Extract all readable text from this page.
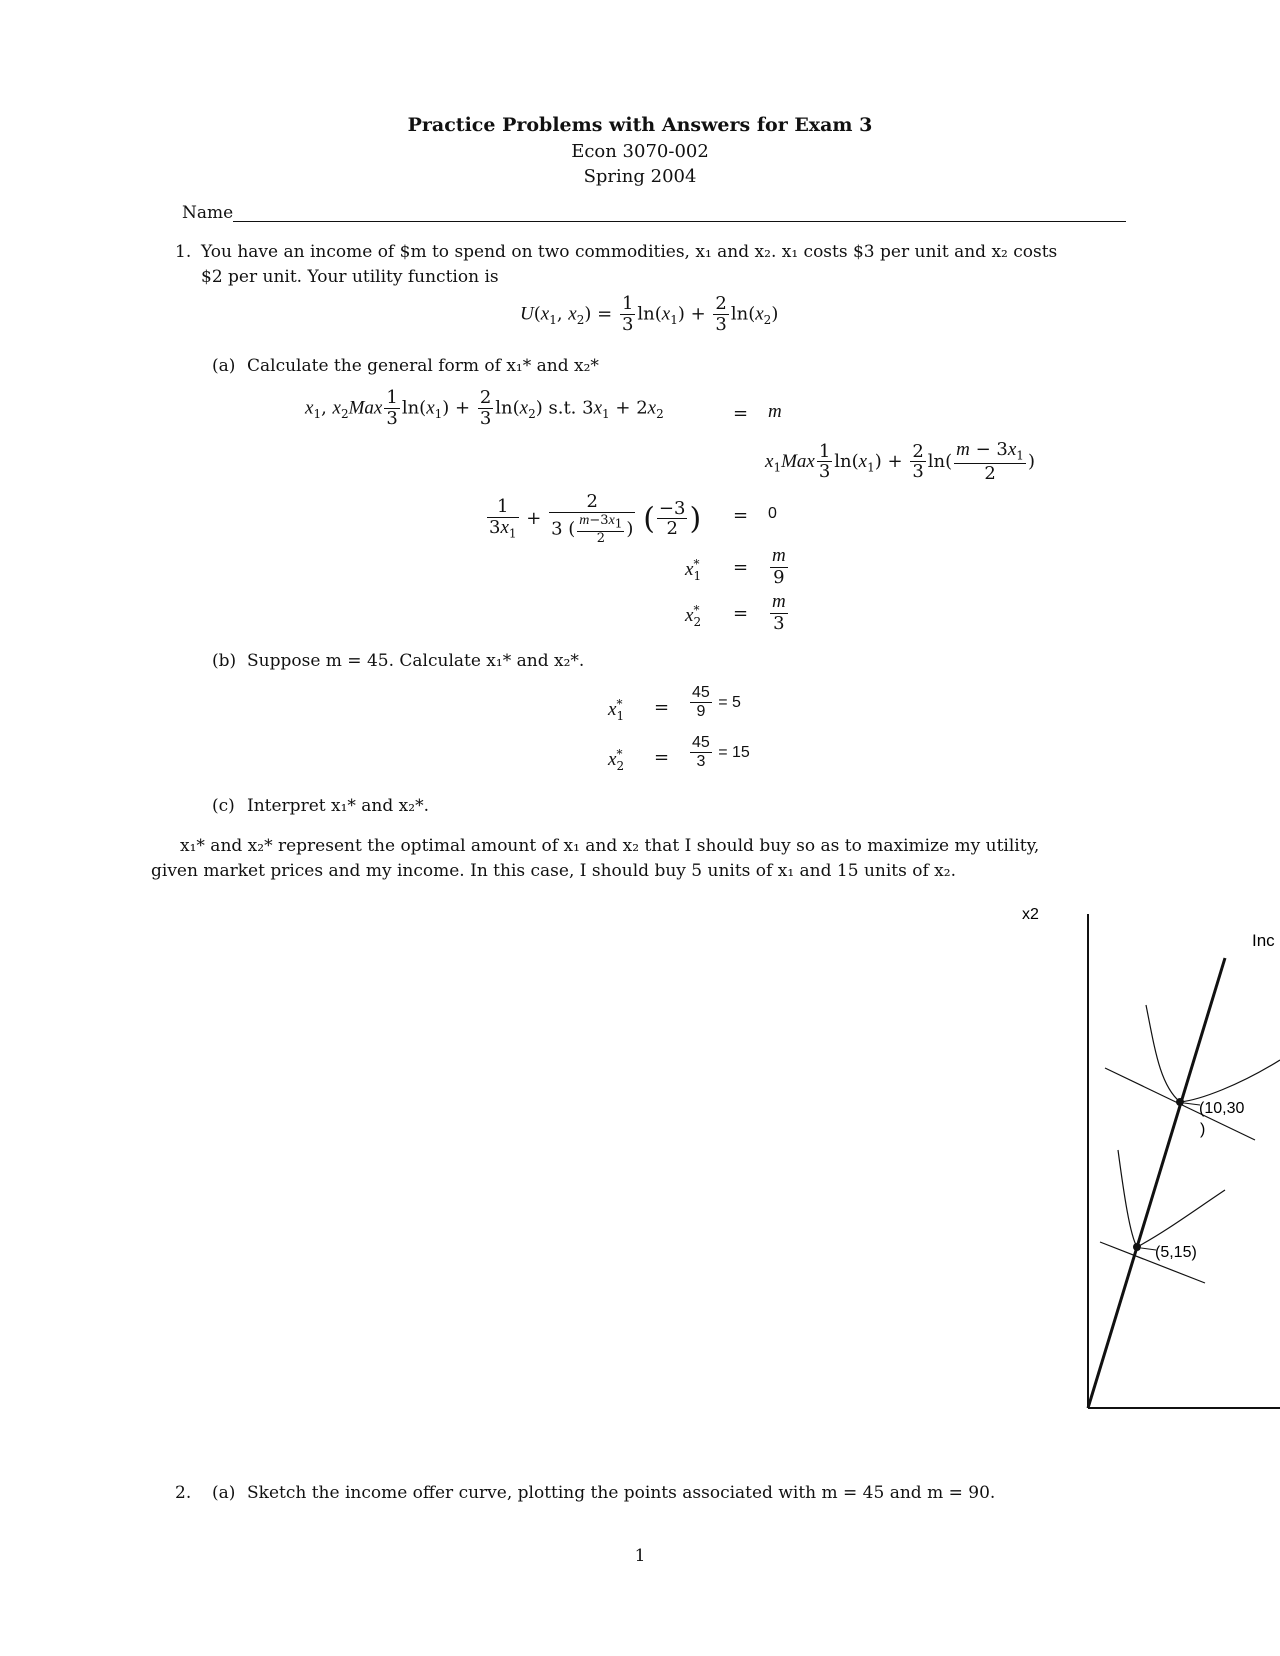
Practice Problems with Answers for Exam 3
Econ 3070-002
Spring 2004
Name
1. You have an income of $m to spend on two commodities, x₁ and x₂. x₁ costs $3 per unit and x₂ costs
$2 per unit. Your utility function is
$U(x_1$, $x_2) = \frac{1}{3} \ln(x_1) + \frac{2}{3} \ln(x_2)$
(a) Calculate the general form of x₁* and x₂*
$x_1$, $x_2Max \frac{1}{3} \ln(x_1) + \frac{2}{3} \ln(x_2)$ s.t. $3x_1 + 2x_2$	= m
$x_1Max \frac{1}{3} \ln(x_1) + \frac{2}{3} \ln( \frac{m - 3x_1}{2}$ )
$\frac{1}{3x_1} + \frac{2}{3 ( \frac{m-3x_1}{2} )}$ ( $\frac{-3}{2}$ ) = 0
$x^*_1 = \frac{m}{9}$
$x^*_2 = \frac{m}{3}$
(b) Suppose m = 45. Calculate x₁* and x₂*.
$x^*_1 = \frac{45}{9} = 5$
$x^*_2 = \frac{45}{3} = 15$
(c) Interpret x₁* and x₂*.
x₁* and x₂* represent the optimal amount of x₁ and x₂ that I should buy so as to maximize my utility,
given market prices and my income. In this case, I should buy 5 units of x₁ and 15 units of x₂.
x2
Inc
(10,30
)
(5,15)
2. (a) Sketch the income offer curve, plotting the points associated with m = 45 and m = 90.
1
